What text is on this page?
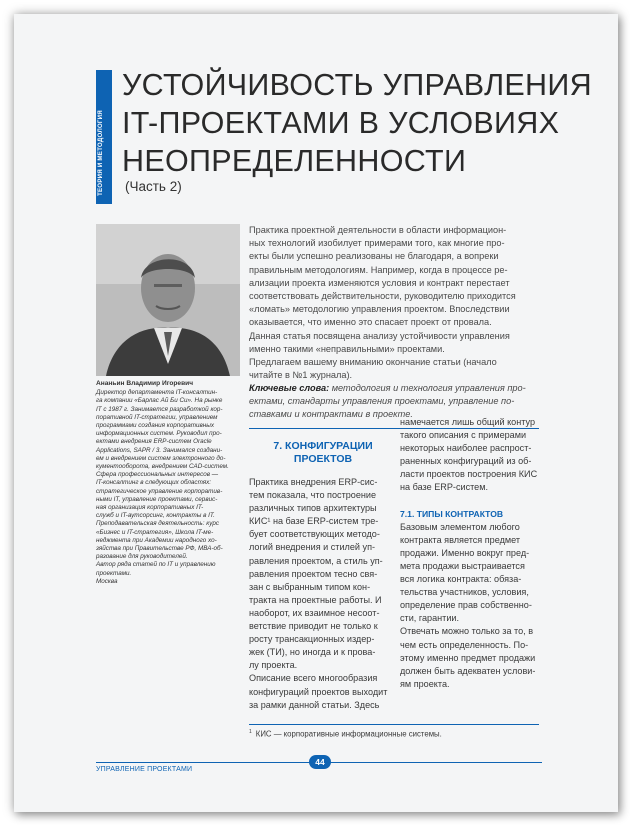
ТЕОРИЯ И МЕТОДОЛОГИЯ
УСТОЙЧИВОСТЬ УПРАВЛЕНИЯ
IT-ПРОЕКТАМИ В УСЛОВИЯХ
НЕОПРЕДЕЛЕННОСТИ
(Часть 2)
Ананьин Владимир Игоревич

Директор департамента IT-консалтин-

га компании «Барлас Ай Би Си». На рынке

IT с 1987 г. Занимается разработкой кор-

поративной IT-стратегии, управлением

программами создания корпоративных

информационных систем. Руководил про-

ектами внедрения ERP-систем Oracle

Applications, SAPR / 3. Занимался создани-

ем и внедрением систем электронного до-

кументооборота, внедрением CAD-систем.

Сфера профессиональных интересов —

IT-консалтинг в следующих областях:

стратегическое управление корпоратив-

ными IT, управление проектами, сервис-

ная организация корпоративных IT-

служб и IT-аутсорсинг, контракты в IT.

Преподавательская деятельность: курс

«Бизнес и IT-стратегия», Школа IT-ме-

неджмента при Академии народного хо-

зяйства при Правительстве РФ, МВА-об-

разование для руководителей.

Автор ряда статей по IT и управлению

проектами.

Москва

Практика проектной деятельности в области информацион-

ных технологий изобилует примерами того, как многие про-

екты были успешно реализованы не благодаря, а вопреки

правильным методологиям. Например, когда в процессе ре-

ализации проекта изменяются условия и контракт перестает

соответствовать действительности, руководителю приходится

«ломать» методологию управления проектом. Впоследствии

оказывается, что именно это спасает проект от провала.

Данная статья посвящена анализу устойчивости управления

именно такими «неправильными» проектами.

Предлагаем вашему вниманию окончание статьи (начало

читайте в №1 журнала).

Ключевые слова: методология и технология управления про-
ектами, стандарты управления проектами, управление по-
ставками и контрактами в проекте.
7. КОНФИГУРАЦИИ
ПРОЕКТОВ

Практика внедрения ERP-сис-

тем показала, что построение

различных типов архитектуры

КИС¹ на базе ERP-систем тре-

бует соответствующих методо-

логий внедрения и стилей уп-

равления проектом, а стиль уп-

равления проектом тесно свя-

зан с выбранным типом кон-

тракта на проектные работы. И

наоборот, их взаимное несоот-

ветствие приводит не только к

росту трансакционных издер-

жек (ТИ), но иногда и к прова-

лу проекта.

Описание всего многообразия

конфигураций проектов выходит

за рамки данной статьи. Здесь

намечается лишь общий контур

такого описания с примерами

некоторых наиболее распрост-

раненных конфигураций из об-

ласти проектов построения КИС

на базе ERP-систем.

7.1. ТИПЫ КОНТРАКТОВ

Базовым элементом любого

контракта является предмет

продажи. Именно вокруг пред-

мета продажи выстраивается

вся логика контракта: обяза-

тельства участников, условия,

определение прав собственно-

сти, гарантии.

Отвечать можно только за то, в

чем есть определенность. По-

этому именно предмет продажи

должен быть адекватен услови-

ям проекта.

$^1$ КИС — корпоративные информационные системы.
УПРАВЛЕНИЕ ПРОЕКТАМИ
44
